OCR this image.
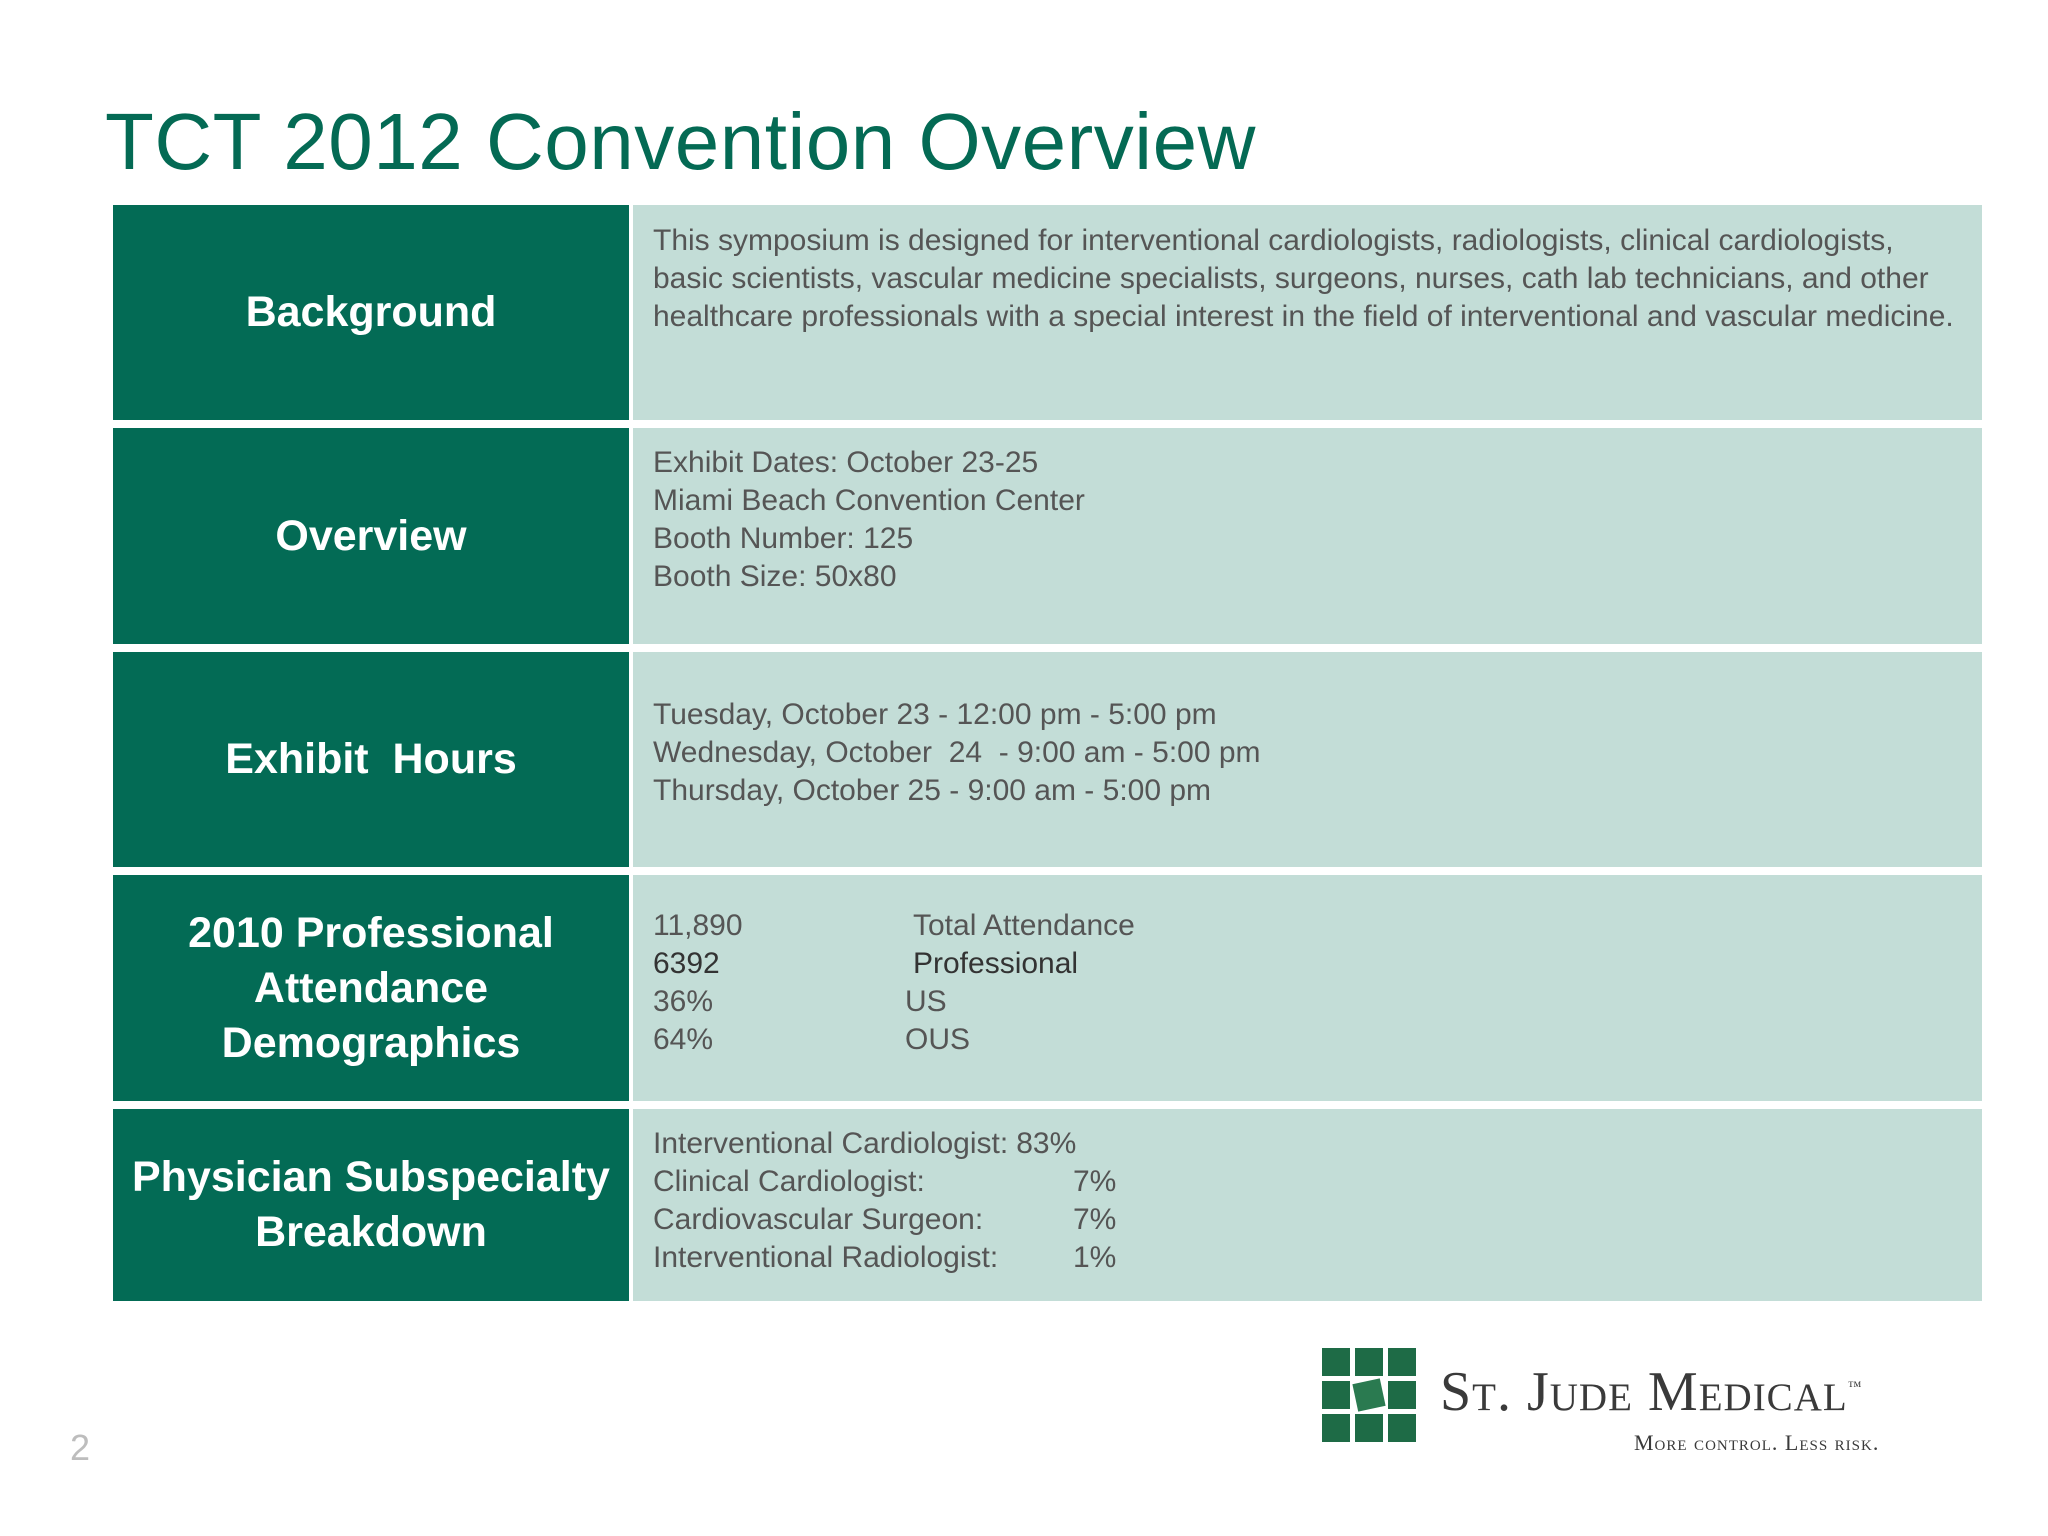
TCT 2012 Convention Overview
Background
This symposium is designed for interventional cardiologists, radiologists, clinical cardiologists, basic scientists, vascular medicine specialists, surgeons, nurses, cath lab technicians, and other healthcare professionals with a special interest in the field of interventional and vascular medicine.
Overview
Exhibit Dates: October 23-25
Miami Beach Convention Center
Booth Number: 125
Booth Size: 50x80
Exhibit  Hours
Tuesday, October 23 - 12:00 pm - 5:00 pm
Wednesday, October  24  - 9:00 am - 5:00 pm
Thursday, October 25 - 9:00 am - 5:00 pm
2010 Professional Attendance Demographics
11,890	Total Attendance
6392	Professional
36%	US
64%	OUS
Physician Subspecialty Breakdown
Interventional Cardiologist: 83%
Clinical Cardiologist:	7%
Cardiovascular Surgeon:	7%
Interventional Radiologist:	1%
2
St. Jude Medical™
More control. Less risk.
